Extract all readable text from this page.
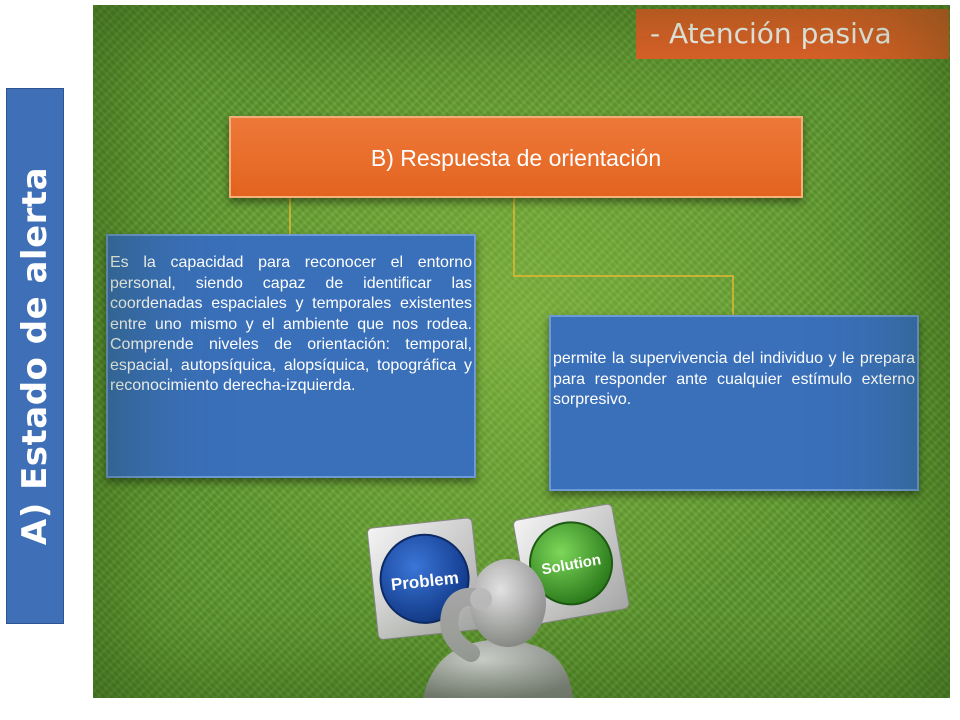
A) Estado de alerta
- Atención pasiva
B) Respuesta de orientación

Es la capacidad para reconocer el entorno personal, siendo capaz de identificar las coordenadas espaciales y temporales existentes entre uno mismo y el ambiente que nos rodea. Comprende niveles de orientación: temporal, espacial, autopsíquica, alopsíquica, topográfica y reconocimiento derecha-izquierda.

permite la supervivencia del individuo y le prepara para responder ante cualquier estímulo externo sorpresivo.

Problem
Solution
